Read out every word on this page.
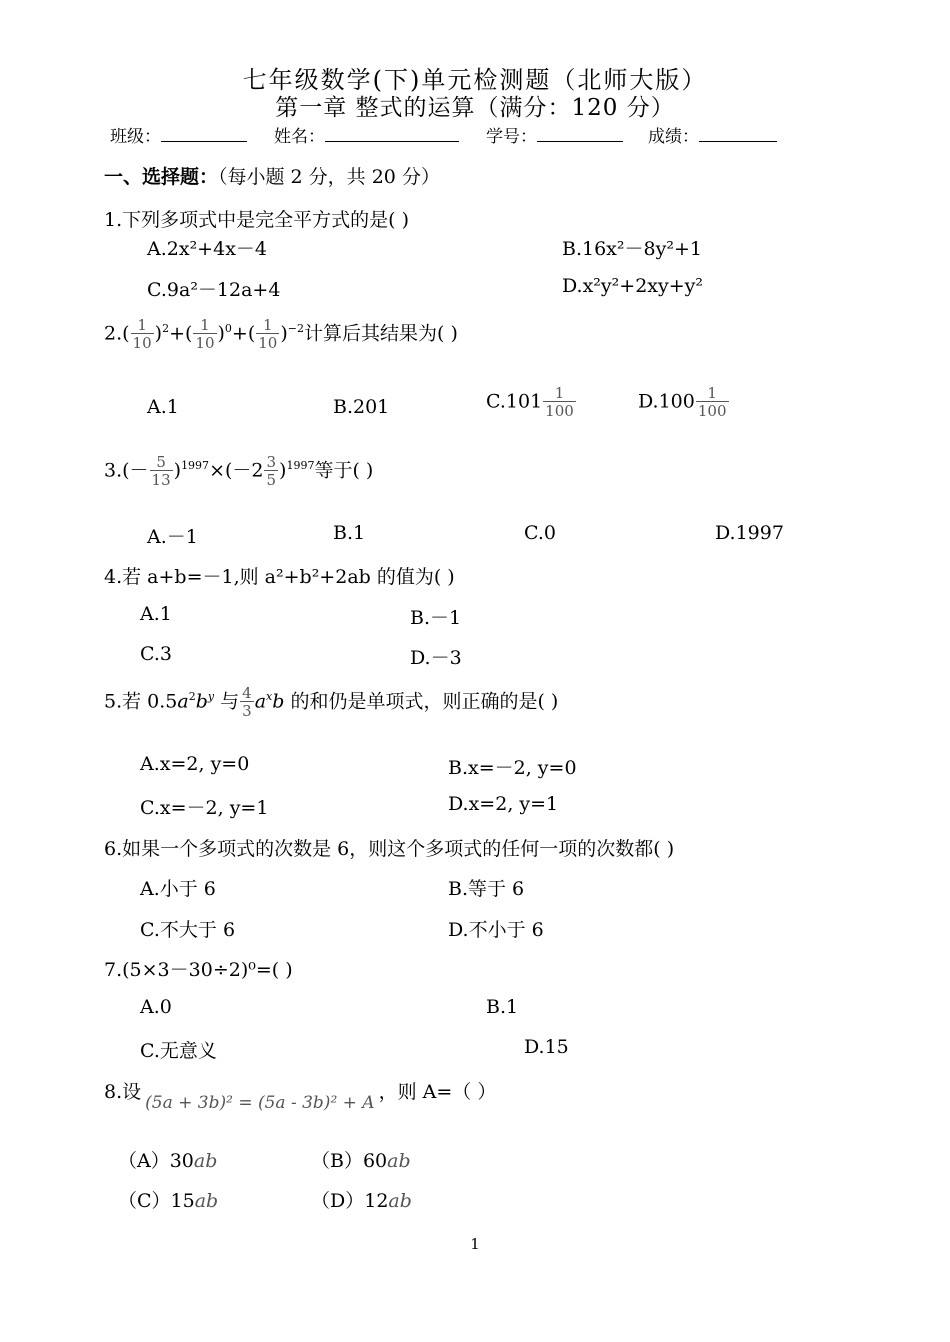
七年级数学(下)单元检测题（北师大版）
第一章 整式的运算（满分：120 分）
班级：	姓名：	学号：	成绩：
一、选择题：（每小题 2 分，共 20 分）
1.下列多项式中是完全平方式的是( )
A.2x²+4x－4	B.16x²－8y²+1
C.9a²－12a+4	D.x²y²+2xy+y²
$2.( \frac{1}{10} )^2+( \frac{1}{10} )^0+( \frac{1}{10} )^{-2}$计算后其结果为( )
A.1	B.201	$C.101 \frac{1}{100}$	$D.100 \frac{1}{100}$
$3.(- \frac{5}{13} )^{1997}\times(-2 \frac{3}{5} )^{1997}$等于( )
A.－1	B.1	C.0	D.1997
4.若 a+b=－1,则 a²+b²+2ab 的值为( )
A.1	B.－1
C.3	D.－3
5.若 $0.5a^2b^y$ 与 $\frac{4}{3} a^xb$ 的和仍是单项式，则正确的是( )
A.x=2, y=0	B.x=－2, y=0
C.x=－2, y=1	D.x=2, y=1
6.如果一个多项式的次数是 6，则这个多项式的任何一项的次数都( )
A.小于 6	B.等于 6
C.不大于 6	D.不小于 6
7.(5×3－30÷2)⁰=( )
A.0	B.1
C.无意义	D.15
8.设 (5a + 3b)² = (5a - 3b)² + A ，则 A=（ ）
（A）30ab	（B）60ab
（C）15ab	（D）12ab
1
